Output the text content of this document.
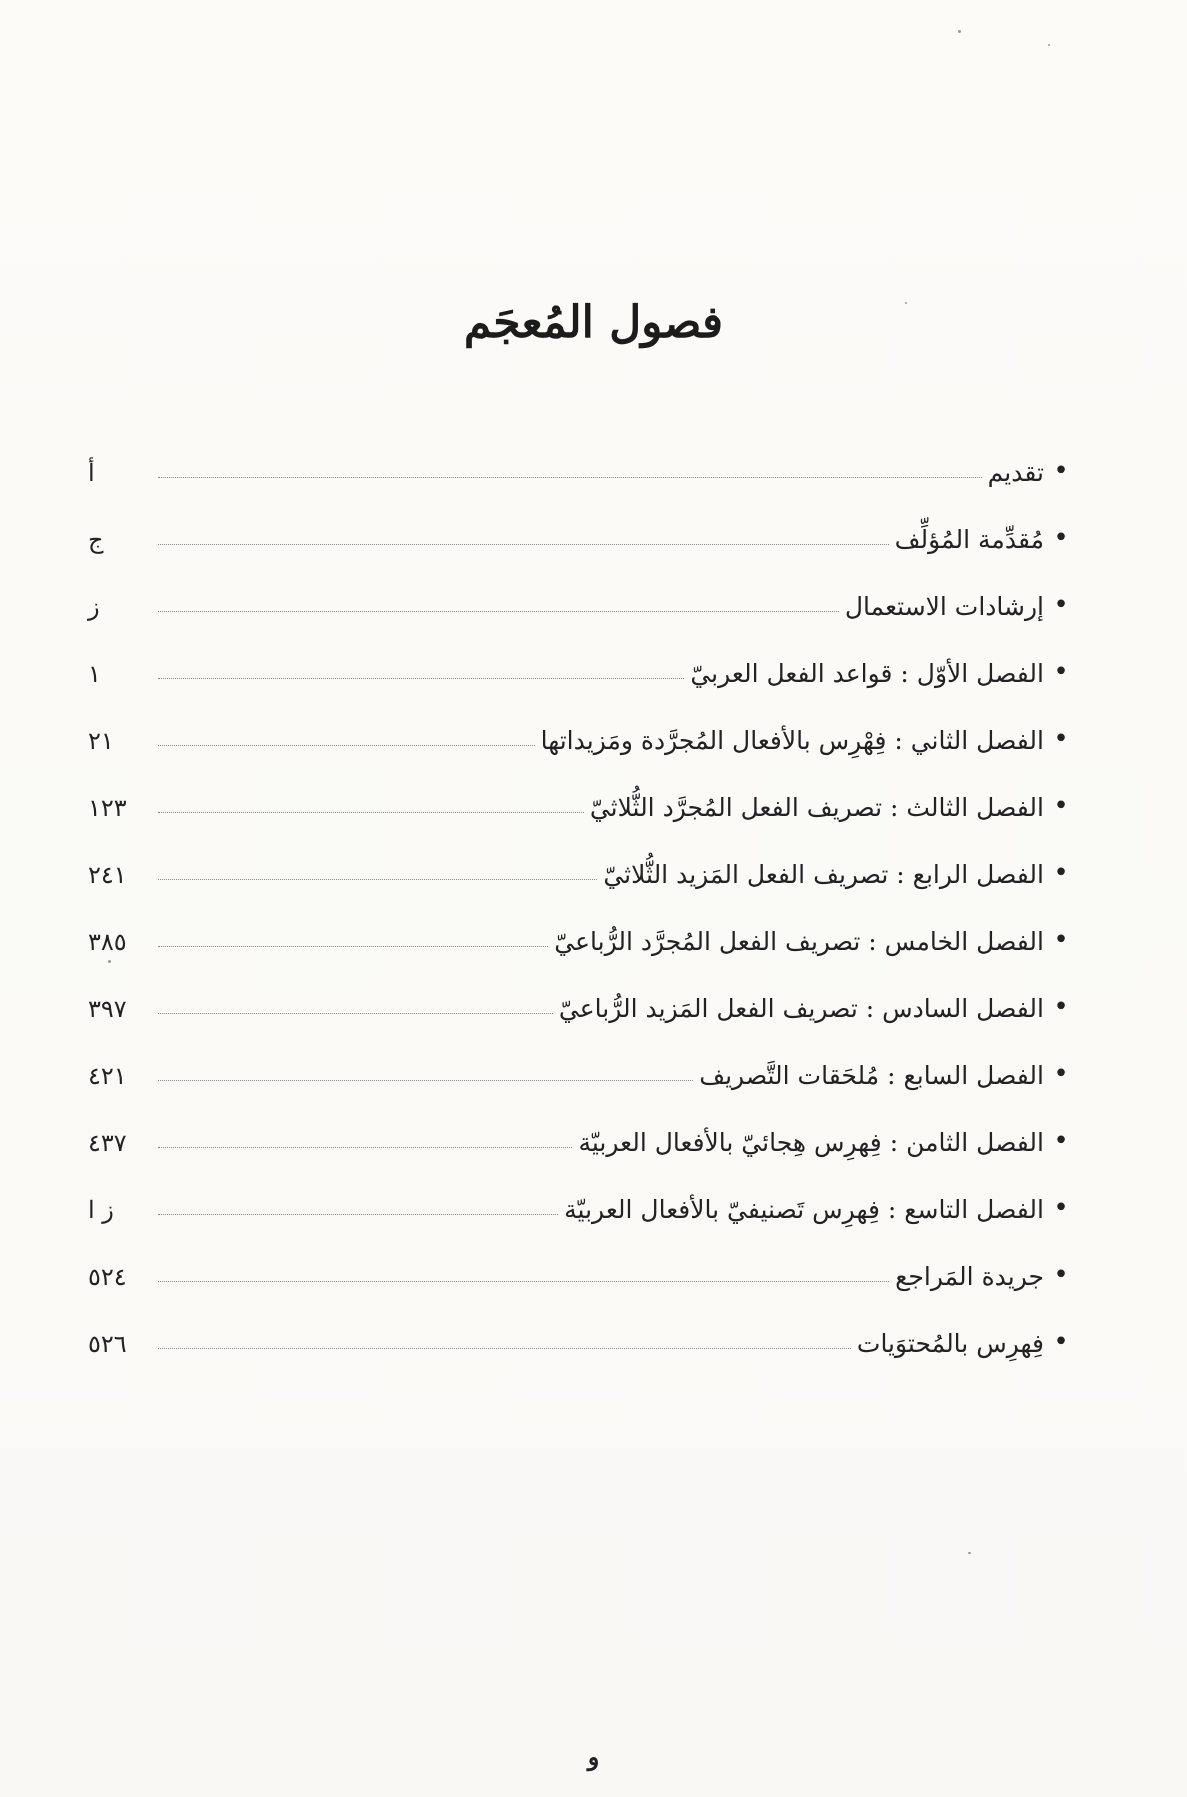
فصول المُعجَم
•
تقديم
أ
•
مُقدِّمة المُؤلِّف
ج
•
إرشادات الاستعمال
ز
•
الفصل الأوّل : قواعد الفعل العربيّ
١
•
الفصل الثاني : فِهْرِس بالأفعال المُجرَّدة ومَزيداتها
٢١
•
الفصل الثالث : تصريف الفعل المُجرَّد الثُّلاثيّ
١٢٣
•
الفصل الرابع : تصريف الفعل المَزيد الثُّلاثيّ
٢٤١
•
الفصل الخامس : تصريف الفعل المُجرَّد الرُّباعيّ
٣٨٥
•
الفصل السادس : تصريف الفعل المَزيد الرُّباعيّ
٣٩٧
•
الفصل السابع : مُلحَقات التَّصريف
٤٢١
•
الفصل الثامن : فِهرِس هِجائيّ بالأفعال العربيّة
٤٣٧
•
الفصل التاسع : فِهرِس تَصنيفيّ بالأفعال العربيّة
ز ا
•
جريدة المَراجع
٥٢٤
•
فِهرِس بالمُحتوَيات
٥٢٦
و
